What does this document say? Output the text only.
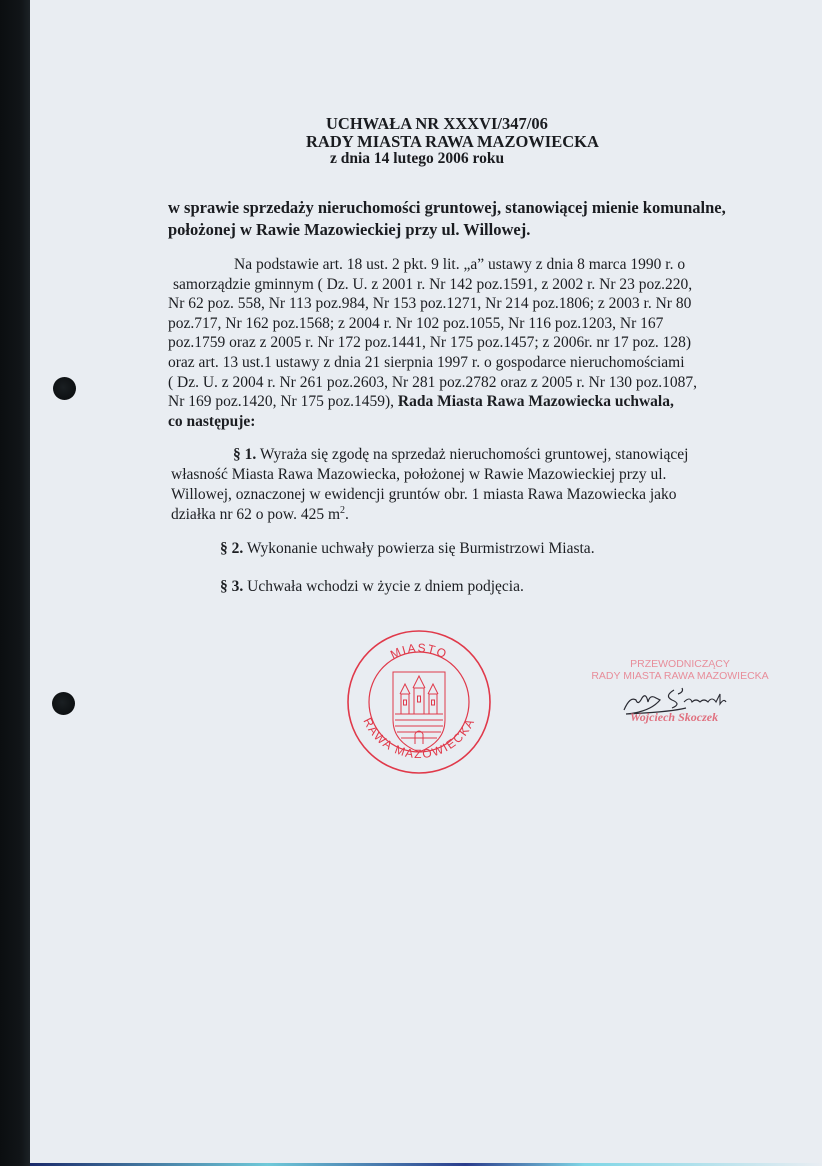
UCHWAŁA NR XXXVI/347/06
RADY MIASTA RAWA MAZOWIECKA
z dnia 14 lutego 2006 roku
w sprawie sprzedaży nieruchomości gruntowej, stanowiącej mienie komunalne,
położonej w Rawie Mazowieckiej przy ul. Willowej.
Na podstawie art. 18 ust. 2 pkt. 9 lit. „a” ustawy z dnia 8 marca 1990 r. o
samorządzie gminnym ( Dz. U. z 2001 r. Nr 142 poz.1591, z 2002 r. Nr 23 poz.220,
Nr 62 poz. 558, Nr 113 poz.984, Nr 153 poz.1271, Nr 214 poz.1806; z 2003 r. Nr 80
poz.717, Nr 162 poz.1568; z 2004 r. Nr 102 poz.1055, Nr 116 poz.1203, Nr 167
poz.1759 oraz z 2005 r. Nr 172 poz.1441, Nr 175 poz.1457; z 2006r. nr 17 poz. 128)
oraz art. 13 ust.1 ustawy z dnia 21 sierpnia 1997 r. o gospodarce nieruchomościami
( Dz. U. z 2004 r. Nr 261 poz.2603, Nr 281 poz.2782 oraz z 2005 r. Nr 130 poz.1087,
Nr 169 poz.1420, Nr 175 poz.1459), Rada Miasta Rawa Mazowiecka uchwala,
co następuje:
§ 1. Wyraża się zgodę na sprzedaż nieruchomości gruntowej, stanowiącej
własność Miasta Rawa Mazowiecka, położonej w Rawie Mazowieckiej przy ul.
Willowej, oznaczonej w ewidencji gruntów obr. 1 miasta Rawa Mazowiecka jako
działka nr 62 o pow. 425 $m^2$.
§ 2. Wykonanie uchwały powierza się Burmistrzowi Miasta.
§ 3. Uchwała wchodzi w życie z dniem podjęcia.
MIASTO
RAWA MAZOWIECKA
PRZEWODNICZĄCY
RADY MIASTA RAWA MAZOWIECKA
Wojciech Skoczek
